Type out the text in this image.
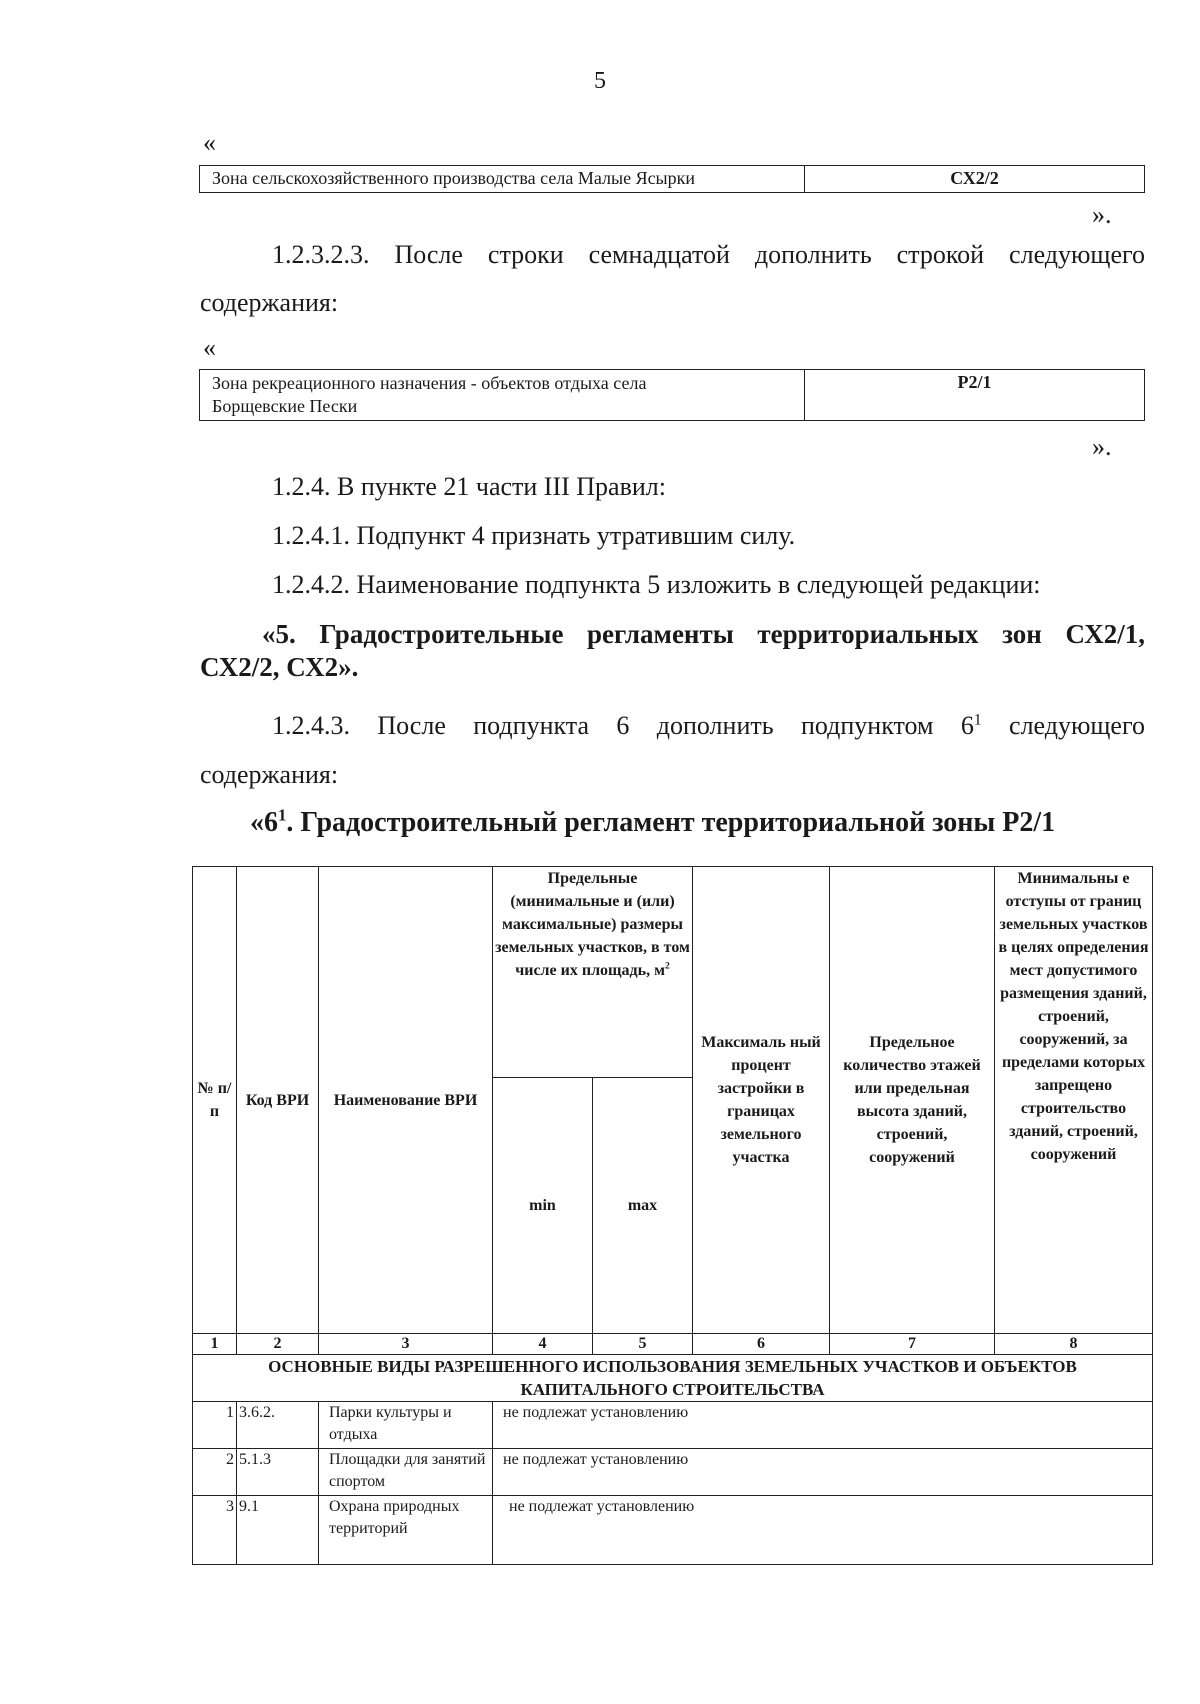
5
«
Зона сельскохозяйственного производства села Малые Ясырки	СХ2/2
».
1.2.3.2.3. После строки семнадцатой дополнить строкой следующего
содержания:
«
Зона рекреационного назначения - объектов отдыха села
Борщевские Пески	Р2/1
».
1.2.4. В пункте 21 части III Правил:
1.2.4.1. Подпункт 4 признать утратившим силу.
1.2.4.2. Наименование подпункта 5 изложить в следующей редакции:
«5. Градостроительные регламенты территориальных зон СХ2/1,
СХ2/2, СХ2».
1.2.4.3. После подпункта 6 дополнить подпунктом $6^1$ следующего
содержания:
«$6^1$. Градостроительный регламент территориальной зоны Р2/1
№ п/ п	Код ВРИ	Наименование ВРИ	Предельные (минимальные и (или) максимальные) размеры земельных участков, в том числе их площадь, $м^2$		Максималь ный процент застройки в границах земельного участка	Предельное количество этажей или предельная высота зданий, строений, сооружений	Минимальны е отступы от границ земельных участков в целях определения мест допустимого размещения зданий, строений, сооружений, за пределами которых запрещено строительство зданий, строений, сооружений
			min	max			
1	2	3	4	5	6	7	8
ОСНОВНЫЕ ВИДЫ РАЗРЕШЕННОГО ИСПОЛЬЗОВАНИЯ ЗЕМЕЛЬНЫХ УЧАСТКОВ И ОБЪЕКТОВ КАПИТАЛЬНОГО СТРОИТЕЛЬСТВА							
1	3.6.2.	Парки культуры и отдыха	не подлежат установлению				
2	5.1.3	Площадки для занятий спортом	не подлежат установлению				
3	9.1	Охрана природных территорий	не подлежат установлению				
